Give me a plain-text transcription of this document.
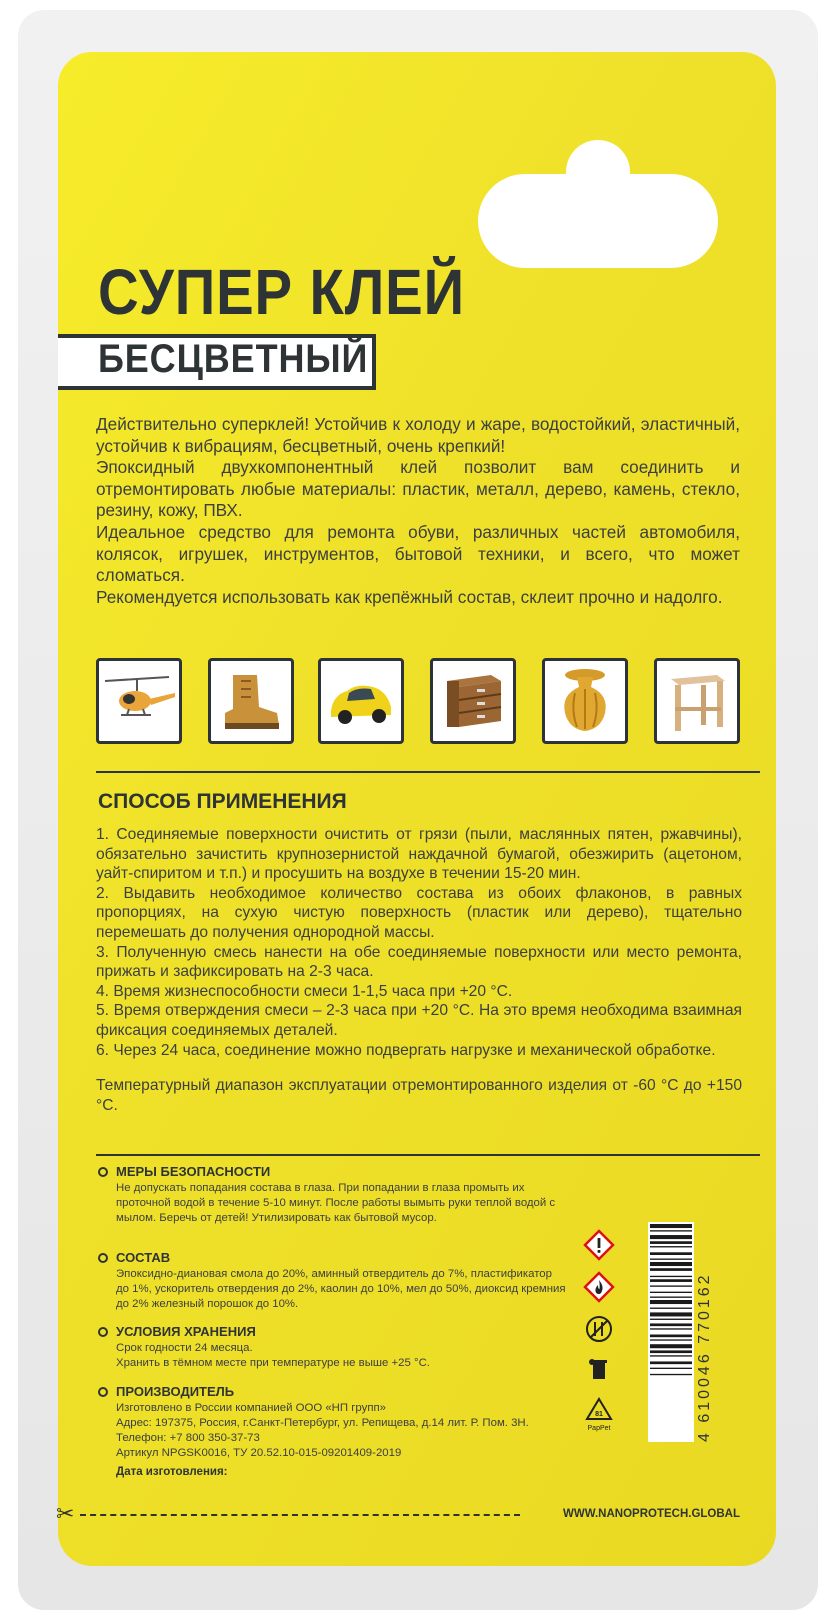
СУПЕР КЛЕЙ
БЕСЦВЕТНЫЙ

Действительно суперклей! Устойчив к холоду и жаре, водостойкий, эластичный, устойчив к вибрациям, бесцветный, очень крепкий!

Эпоксидный двухкомпонентный клей позволит вам соединить и отремонтировать любые материалы: пластик, металл, дерево, камень, стекло, резину, кожу, ПВХ.

Идеальное средство для ремонта обуви, различных частей автомобиля, колясок, игрушек, инструментов, бытовой техники, и всего, что может сломаться.

Рекомендуется использовать как крепёжный состав, склеит прочно и надолго.

СПОСОБ ПРИМЕНЕНИЯ

1. Соединяемые поверхности очистить от грязи (пыли, маслянных пятен, ржавчины), обязательно зачистить крупнозернистой наждачной бумагой, обезжирить (ацетоном, уайт-спиритом и т.п.) и просушить на воздухе в течении 15-20 мин.

2. Выдавить необходимое количество состава из обоих флаконов, в равных пропорциях, на сухую чистую поверхность (пластик или дерево), тщательно перемешать до получения однородной массы.

3. Полученную смесь нанести на обе соединяемые поверхности или место ремонта, прижать и зафиксировать на 2-3 часа.

4. Время жизнеспособности смеси 1-1,5 часа при +20 °С.

5. Время отверждения смеси – 2-3 часа при +20 °С. На это время необходима взаимная фиксация соединяемых деталей.

6. Через 24 часа, соединение можно подвергать нагрузке и механической обработке.

Температурный диапазон эксплуатации отремонтированного изделия от -60 °С до +150 °С.

МЕРЫ БЕЗОПАСНОСТИ

Не допускать попадания состава в глаза. При попадании в глаза промыть их проточной водой в течение 5-10 минут. После работы вымыть руки теплой водой с мылом. Беречь от детей! Утилизировать как бытовой мусор.

СОСТАВ

Эпоксидно-диановая смола до 20%, аминный отвердитель до 7%, пластификатор до 1%, ускоритель отвердения до 2%, каолин до 10%, мел до 50%, диоксид кремния до 2% железный порошок до 10%.

УСЛОВИЯ ХРАНЕНИЯ

Срок годности 24 месяца.

Хранить в тёмном месте при температуре не выше +25 °С.

ПРОИЗВОДИТЕЛЬ

Изготовлено в России компанией ООО «НП групп»

Адрес: 197375, Россия, г.Санкт-Петербург, ул. Репищева, д.14 лит. Р. Пом. 3Н. Телефон: +7 800 350-37-73

Артикул NPGSK0016, ТУ 20.52.10-015-09201409-2019

81
PapPet	4 610046 770162
✂
Дата изготовления:
WWW.NANOPROTECH.GLOBAL
